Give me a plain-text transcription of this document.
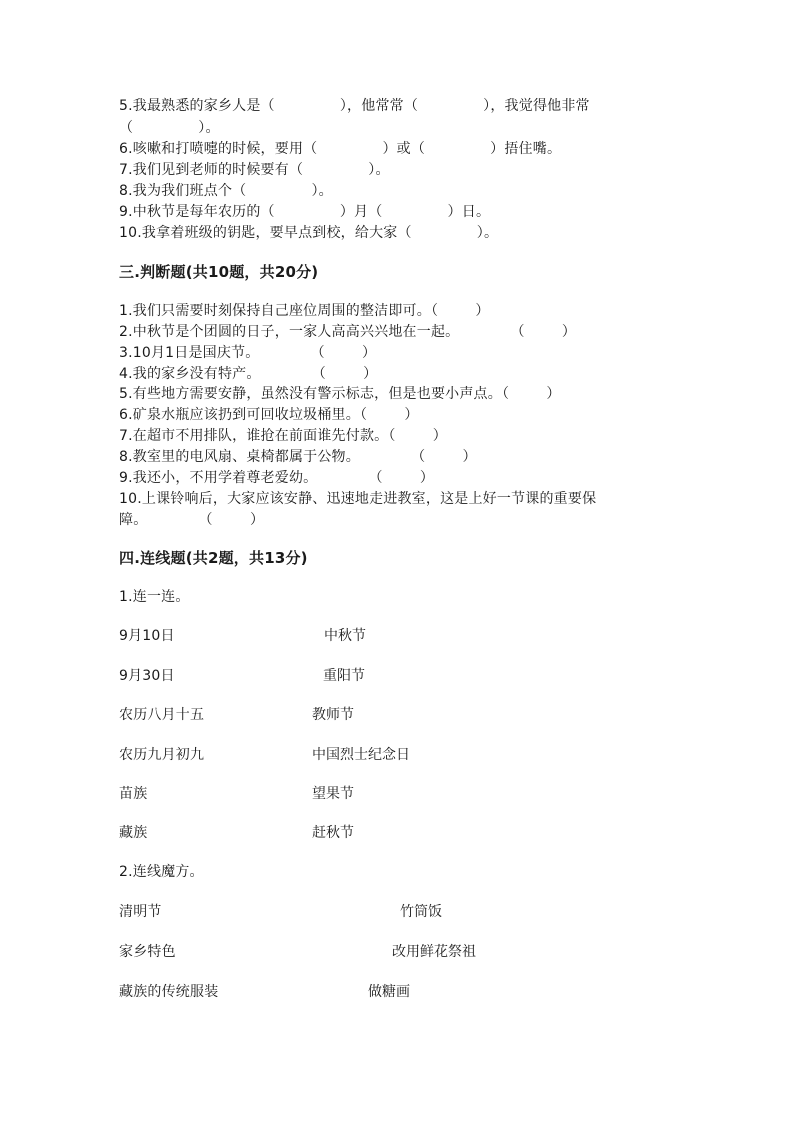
5.我最熟悉的家乡人是（              ），他常常（              ），我觉得他非常
（              ）。
6.咳嗽和打喷嚏的时候，要用（              ）或（              ）捂住嘴。
7.我们见到老师的时候要有（              ）。
8.我为我们班点个（              ）。
9.中秋节是每年农历的（              ）月（              ）日。
10.我拿着班级的钥匙，要早点到校，给大家（              ）。
三.判断题(共10题，共20分)
1.我们只需要时刻保持自己座位周围的整洁即可。（        ）
2.中秋节是个团圆的日子，一家人高高兴兴地在一起。           （        ）
3.10月1日是国庆节。           （        ）
4.我的家乡没有特产。           （        ）
5.有些地方需要安静，虽然没有警示标志，但是也要小声点。（        ）
6.矿泉水瓶应该扔到可回收垃圾桶里。（        ）
7.在超市不用排队，谁抢在前面谁先付款。（        ）
8.教室里的电风扇、桌椅都属于公物。           （        ）
9.我还小，不用学着尊老爱幼。           （        ）
10.上课铃响后，大家应该安静、迅速地走进教室，这是上好一节课的重要保
障。           （        ）
四.连线题(共2题，共13分)
1.连一连。
9月10日	中秋节
9月30日	重阳节
农历八月十五	教师节
农历九月初九	中国烈士纪念日
苗族	望果节
藏族	赶秋节
2.连线魔方。
清明节	竹筒饭
家乡特色	改用鲜花祭祖
藏族的传统服装	做糖画
